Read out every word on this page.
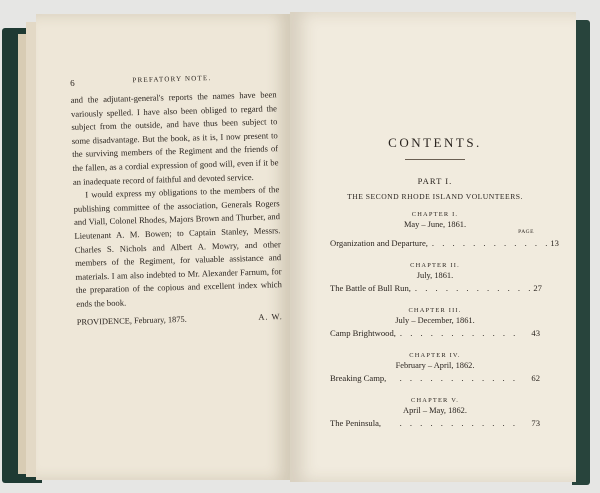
6	PREFATORY NOTE.

and the adjutant-general's reports the names have been variously spelled. I have also been obliged to regard the subject from the outside, and have thus been subject to some disadvantage. But the book, as it is, I now present to the surviving members of the Regiment and the friends of the fallen, as a cordial expression of good will, even if it be an inadequate record of faithful and devoted service.

I would express my obligations to the members of the publishing committee of the association, Generals Rogers and Viall, Colonel Rhodes, Majors Brown and Thurber, and Lieutenant A. M. Bowen; to Captain Stanley, Messrs. Charles S. Nichols and Albert A. Mowry, and other members of the Regiment, for valuable assistance and materials. I am also indebted to Mr. Alexander Farnum, for the preparation of the copious and excellent index which ends the book.

PROVIDENCE, February, 1875.	A. W.
CONTENTS.
PART I.
THE SECOND RHODE ISLAND VOLUNTEERS.
CHAPTER I.
May – June, 1861.
PAGE
Organization and Departure, . . . . . . . . . . . . 13
CHAPTER II.
July, 1861.
The Battle of Bull Run, . . . . . . . . . . . . 27
CHAPTER III.
July – December, 1861.
Camp Brightwood, . . . . . . . . . . . .	43
CHAPTER IV.
February – April, 1862.
Breaking Camp,	. . . . . . . . . . . .	62
CHAPTER V.
April – May, 1862.
The Peninsula,	. . . . . . . . . . . .	73
